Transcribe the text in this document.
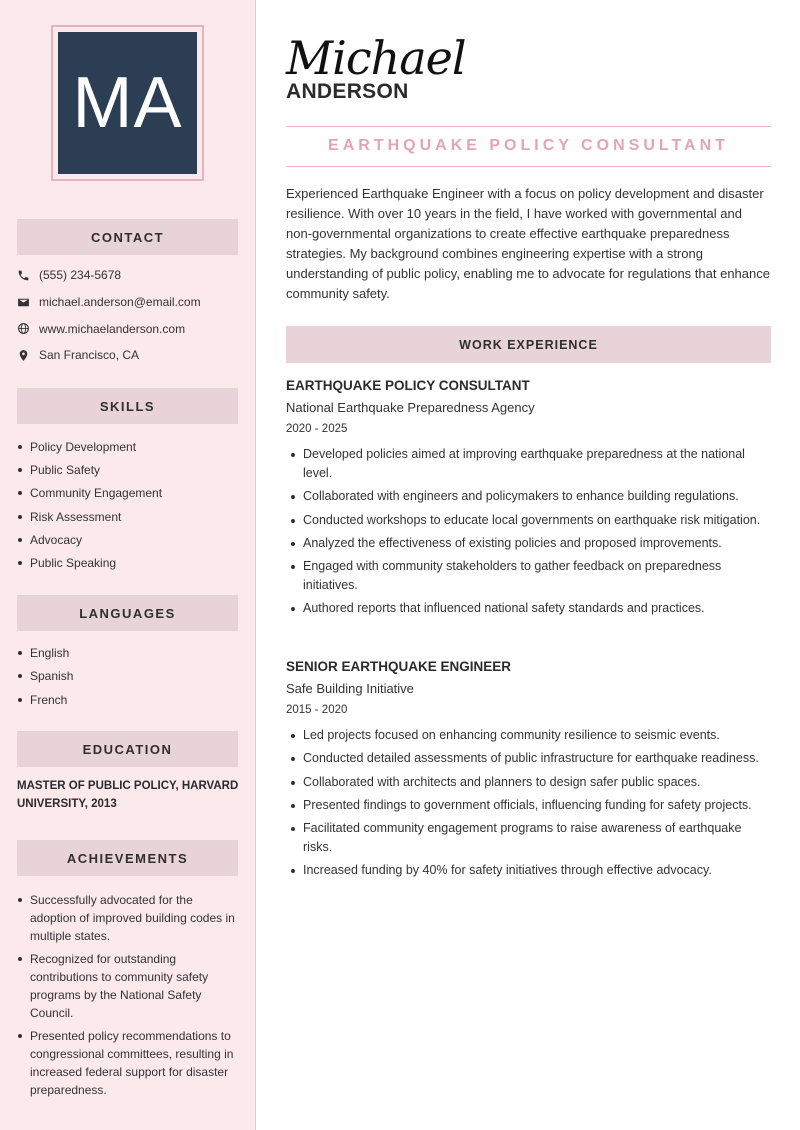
MA
CONTACT
(555) 234-5678
michael.anderson@email.com
www.michaelanderson.com
San Francisco, CA
SKILLS
Policy Development
Public Safety
Community Engagement
Risk Assessment
Advocacy
Public Speaking
LANGUAGES
English
Spanish
French
EDUCATION
MASTER OF PUBLIC POLICY, HARVARD UNIVERSITY, 2013
ACHIEVEMENTS
Successfully advocated for the adoption of improved building codes in multiple states.
Recognized for outstanding contributions to community safety programs by the National Safety Council.
Presented policy recommendations to congressional committees, resulting in increased federal support for disaster preparedness.
Michael
ANDERSON
EARTHQUAKE POLICY CONSULTANT
Experienced Earthquake Engineer with a focus on policy development and disaster resilience. With over 10 years in the field, I have worked with governmental and non-governmental organizations to create effective earthquake preparedness strategies. My background combines engineering expertise with a strong understanding of public policy, enabling me to advocate for regulations that enhance community safety.
WORK EXPERIENCE
EARTHQUAKE POLICY CONSULTANT
National Earthquake Preparedness Agency
2020 - 2025
Developed policies aimed at improving earthquake preparedness at the national level.
Collaborated with engineers and policymakers to enhance building regulations.
Conducted workshops to educate local governments on earthquake risk mitigation.
Analyzed the effectiveness of existing policies and proposed improvements.
Engaged with community stakeholders to gather feedback on preparedness initiatives.
Authored reports that influenced national safety standards and practices.
SENIOR EARTHQUAKE ENGINEER
Safe Building Initiative
2015 - 2020
Led projects focused on enhancing community resilience to seismic events.
Conducted detailed assessments of public infrastructure for earthquake readiness.
Collaborated with architects and planners to design safer public spaces.
Presented findings to government officials, influencing funding for safety projects.
Facilitated community engagement programs to raise awareness of earthquake risks.
Increased funding by 40% for safety initiatives through effective advocacy.
